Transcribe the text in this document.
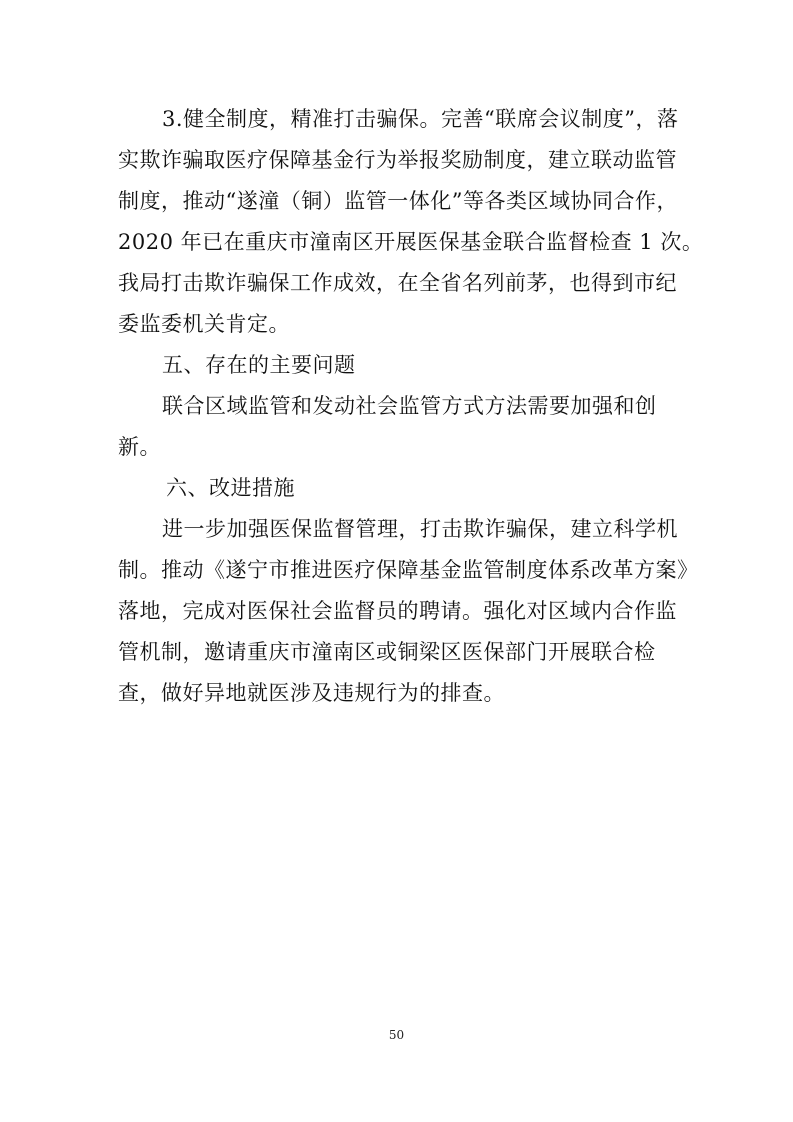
3.健全制度，精准打击骗保。完善“联席会议制度”，落
实欺诈骗取医疗保障基金行为举报奖励制度，建立联动监管
制度，推动“遂潼（铜）监管一体化”等各类区域协同合作，
2020 年已在重庆市潼南区开展医保基金联合监督检查 1 次。
我局打击欺诈骗保工作成效，在全省名列前茅，也得到市纪
委监委机关肯定。
五、存在的主要问题
联合区域监管和发动社会监管方式方法需要加强和创
新。
六、改进措施
进一步加强医保监督管理，打击欺诈骗保，建立科学机
制。推动《遂宁市推进医疗保障基金监管制度体系改革方案》
落地，完成对医保社会监督员的聘请。强化对区域内合作监
管机制，邀请重庆市潼南区或铜梁区医保部门开展联合检
查，做好异地就医涉及违规行为的排查。
50
